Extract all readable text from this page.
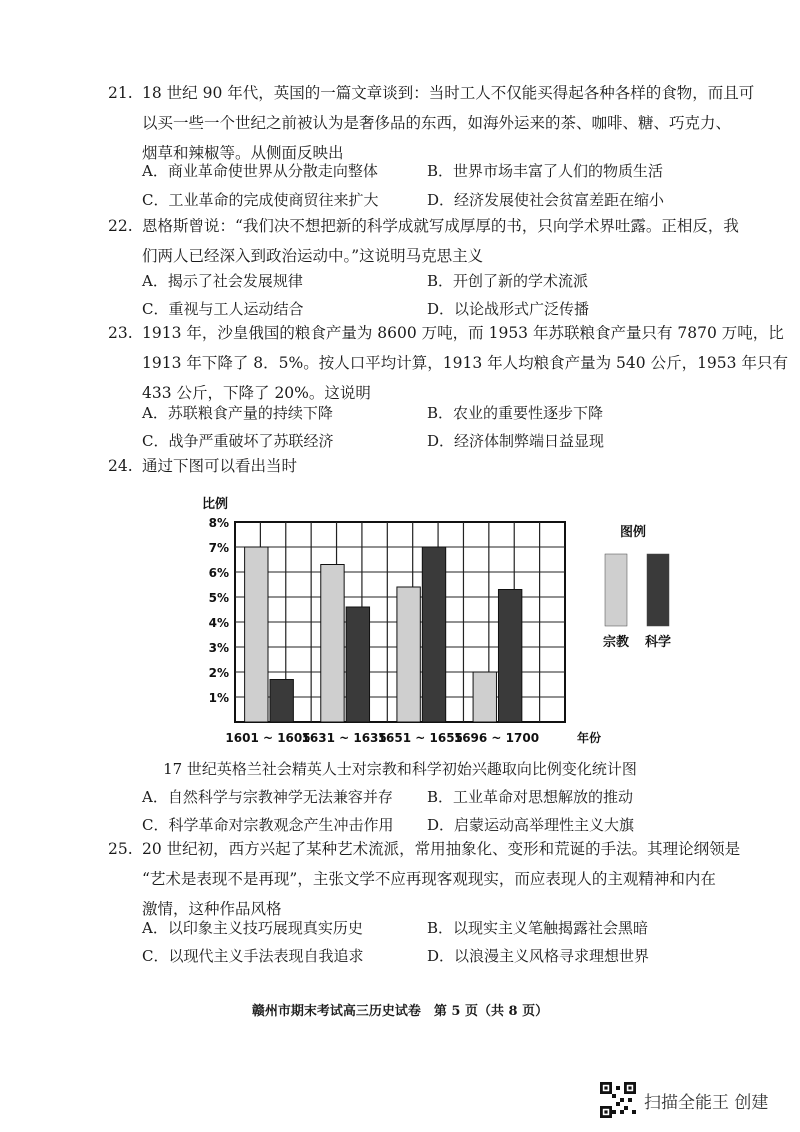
21. 18 世纪 90 年代，英国的一篇文章谈到：当时工人不仅能买得起各种各样的食物，而且可
以买一些一个世纪之前被认为是奢侈品的东西，如海外运来的茶、咖啡、糖、巧克力、
烟草和辣椒等。从侧面反映出
A．商业革命使世界从分散走向整体	B．世界市场丰富了人们的物质生活
C．工业革命的完成使商贸往来扩大	D．经济发展使社会贫富差距在缩小
22. 恩格斯曾说：“我们决不想把新的科学成就写成厚厚的书，只向学术界吐露。正相反，我
们两人已经深入到政治运动中。”这说明马克思主义
A．揭示了社会发展规律	B．开创了新的学术流派
C．重视与工人运动结合	D．以论战形式广泛传播
23. 1913 年，沙皇俄国的粮食产量为 8600 万吨，而 1953 年苏联粮食产量只有 7870 万吨，比
1913 年下降了 8．5%。按人口平均计算，1913 年人均粮食产量为 540 公斤，1953 年只有
433 公斤，下降了 20%。这说明
A．苏联粮食产量的持续下降	B．农业的重要性逐步下降
C．战争严重破坏了苏联经济	D．经济体制弊端日益显现
24. 通过下图可以看出当时
8%
7%
6%
5%
4%
3%
2%
1%
比例
1601 ~ 1605
1631 ~ 1635
1651 ~ 1655
1696 ~ 1700	年份
图例
宗教 科学
17 世纪英格兰社会精英人士对宗教和科学初始兴趣取向比例变化统计图
A．自然科学与宗教神学无法兼容并存 B．工业革命对思想解放的推动
C．科学革命对宗教观念产生冲击作用 D．启蒙运动高举理性主义大旗
25. 20 世纪初，西方兴起了某种艺术流派，常用抽象化、变形和荒诞的手法。其理论纲领是
“艺术是表现不是再现”，主张文学不应再现客观现实，而应表现人的主观精神和内在
激情，这种作品风格
A．以印象主义技巧展现真实历史	B．以现实主义笔触揭露社会黑暗
C．以现代主义手法表现自我追求	D．以浪漫主义风格寻求理想世界
赣州市期末考试高三历史试卷　第 5 页（共 8 页）
扫描全能王 创建
